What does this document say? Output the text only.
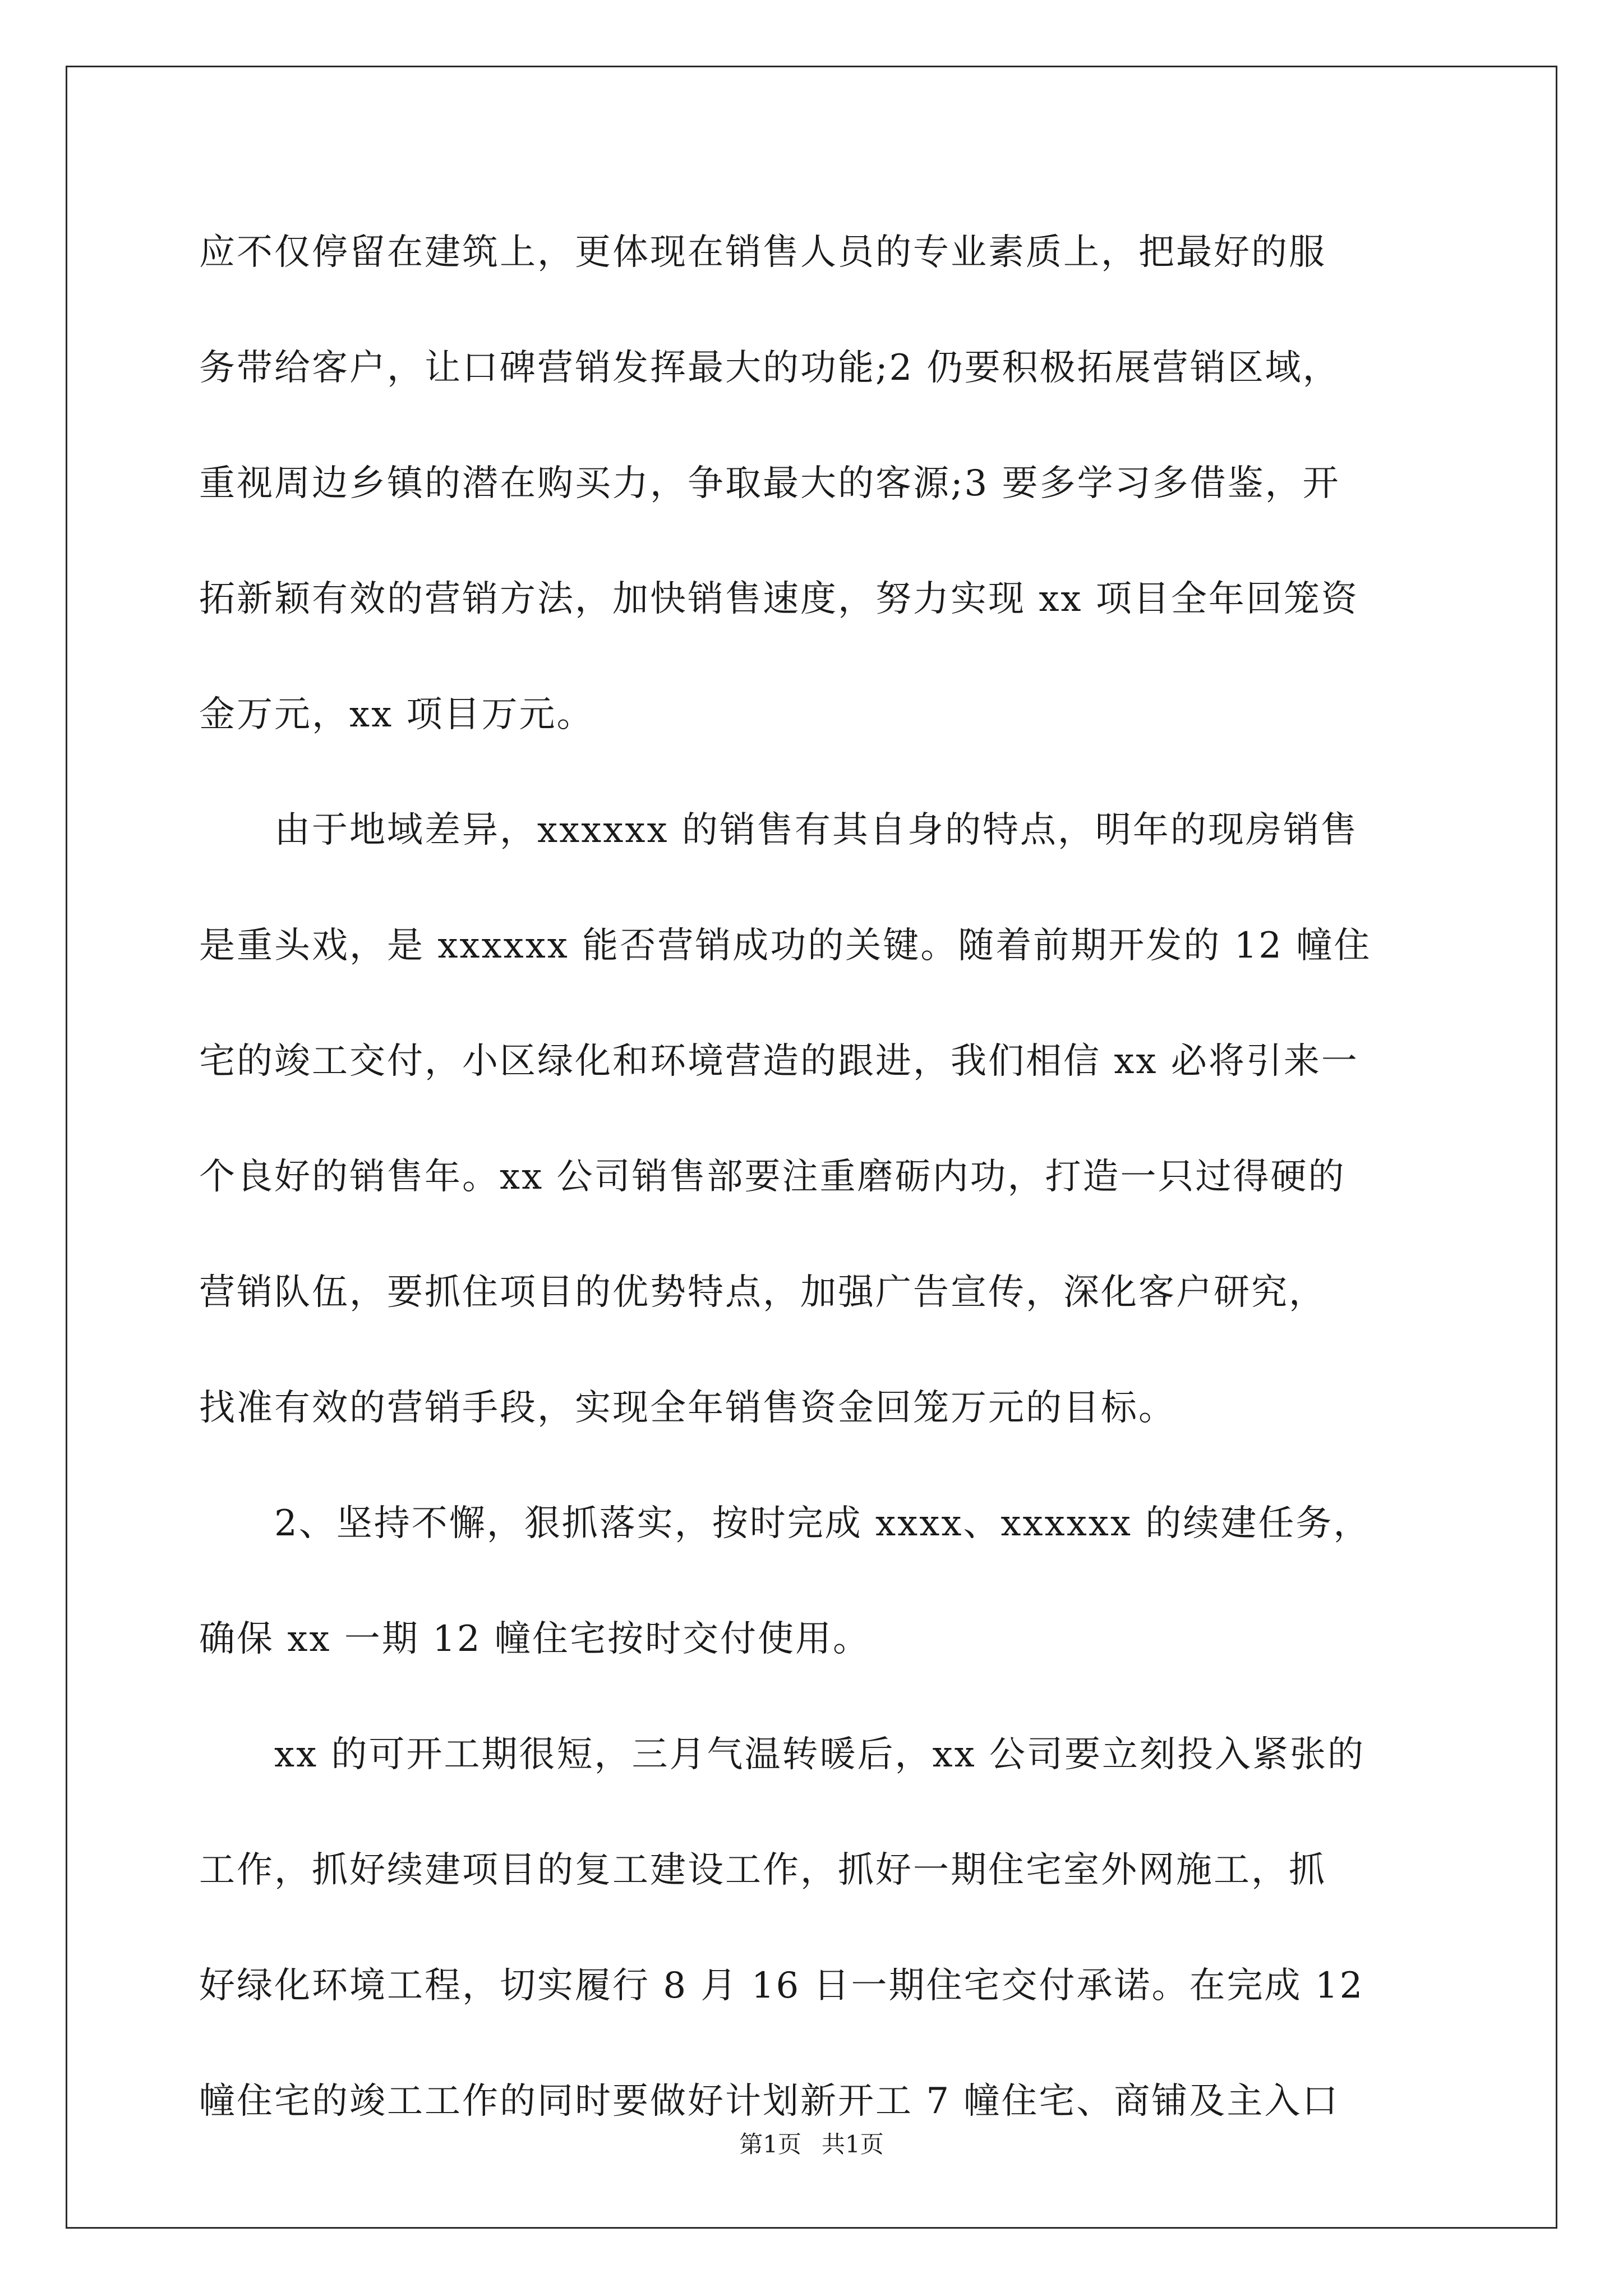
应不仅停留在建筑上，更体现在销售人员的专业素质上，把最好的服
务带给客户，让口碑营销发挥最大的功能;2 仍要积极拓展营销区域，
重视周边乡镇的潜在购买力，争取最大的客源;3 要多学习多借鉴，开
拓新颖有效的营销方法，加快销售速度，努力实现 xx 项目全年回笼资
金万元，xx 项目万元。
　　由于地域差异，xxxxxx 的销售有其自身的特点，明年的现房销售
是重头戏，是 xxxxxx 能否营销成功的关键。随着前期开发的 12 幢住
宅的竣工交付，小区绿化和环境营造的跟进，我们相信 xx 必将引来一
个良好的销售年。xx 公司销售部要注重磨砺内功，打造一只过得硬的
营销队伍，要抓住项目的优势特点，加强广告宣传，深化客户研究，
找准有效的营销手段，实现全年销售资金回笼万元的目标。
　　2、坚持不懈，狠抓落实，按时完成 xxxx、xxxxxx 的续建任务，
确保 xx 一期 12 幢住宅按时交付使用。
　　xx 的可开工期很短，三月气温转暖后，xx 公司要立刻投入紧张的
工作，抓好续建项目的复工建设工作，抓好一期住宅室外网施工，抓
好绿化环境工程，切实履行 8 月 16 日一期住宅交付承诺。在完成 12
幢住宅的竣工工作的同时要做好计划新开工 7 幢住宅、商铺及主入口
第1页 共1页
